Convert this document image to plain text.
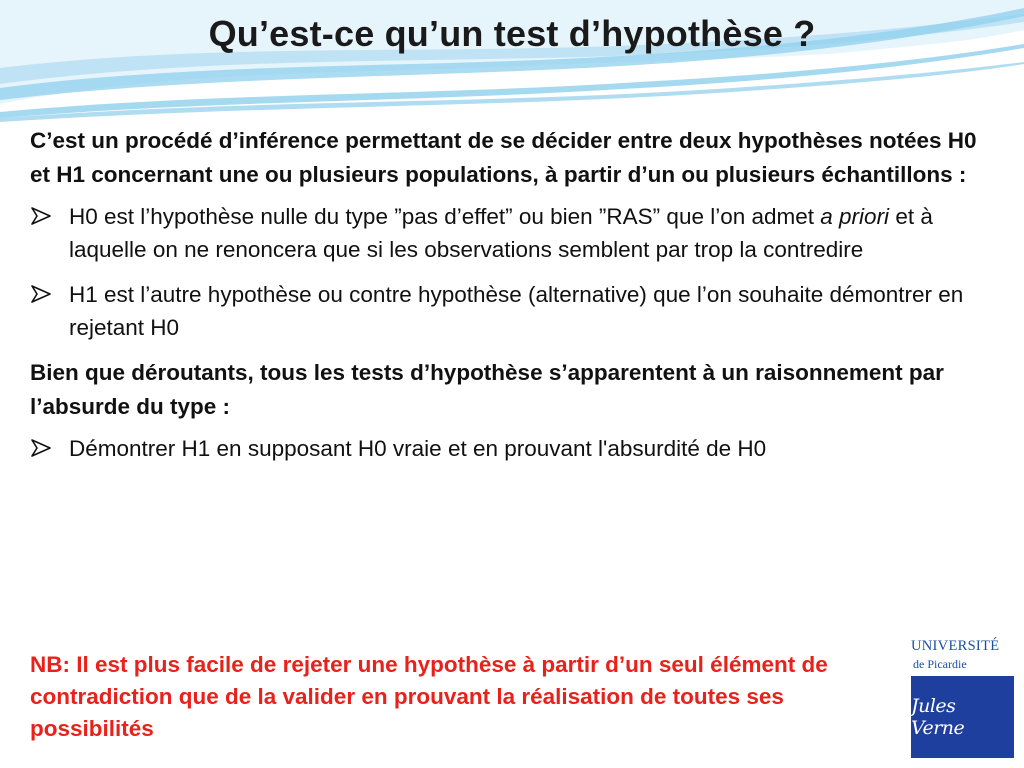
Qu’est-ce qu’un test d’hypothèse ?

C’est un procédé d’inférence permettant de se décider entre deux hypothèses notées H0 et H1 concernant une ou plusieurs populations, à partir d’un ou plusieurs échantillons :

H0 est l’hypothèse nulle du type ”pas d’effet” ou bien ”RAS” que l’on admet a priori et à laquelle on ne renoncera que si les observations semblent par trop la contredire
H1 est l’autre hypothèse ou contre hypothèse (alternative) que l’on souhaite démontrer en rejetant H0

Bien que déroutants, tous les tests d’hypothèse s’apparentent à un raisonnement par l’absurde du type :

Démontrer H1 en supposant H0 vraie et en prouvant l'absurdité de H0
NB: Il est plus facile de rejeter une hypothèse à partir d’un seul élément de contradiction que de la valider en prouvant la réalisation de toutes ses possibilités
UNIVERSITÉ
de Picardie
Jules Verne
